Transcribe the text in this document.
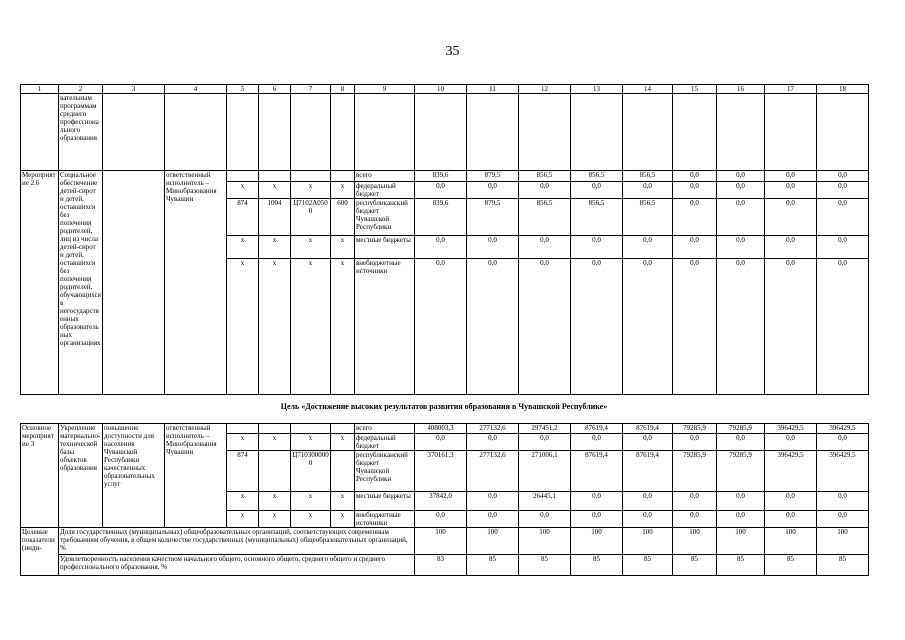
35
1	2	3	4	5	6	7	8	9	10	11	12	13	14	15	16	17	18
	вательным программам среднего профессионального образования																
Мероприятие 2.6	Социальное обеспечение детей-сирот и детей, оставшихся без попечения родителей, лиц из числа детей-сирот и детей, оставшихся без попечения родителей, обучающихся в негосударственных образовательных организациях		ответственный исполнитель – Минобразования Чувашии					всего	839,6	879,5	856,5	856,5	856,5	0,0	0,0	0,0	0,0
				x	x	x	x	федеральный бюджет	0,0	0,0	0,0	0,0	0,0	0,0	0,0	0,0	0,0
				874	1004	Ц7102А0500	600	республиканский бюджет Чувашской Республики	839,6	879,5	856,5	856,5	856,5	0,0	0,0	0,0	0,0
				x	x	x	x	местные бюджеты	0,0	0,0	0,0	0,0	0,0	0,0	0,0	0,0	0,0
				x	x	x	x	внебюджетные источники	0,0	0,0	0,0	0,0	0,0	0,0	0,0	0,0	0,0
Цель «Достижение высоких результатов развития образования в Чувашской Республике»
Основное мероприятие 3	Укрепление материально-технической базы объектов образования	повышение доступности для населения Чувашской Республики качественных образовательных услуг	ответственный исполнитель – Минобразования Чувашии					всего	408003,3	277132,6	297451,2	87619,4	87619,4	79285,9	79285,9	396429,5	396429,5
				x	x	x	x	федеральный бюджет	0,0	0,0	0,0	0,0	0,0	0,0	0,0	0,0	0,0
				874		Ц7103000000		республиканский бюджет Чувашской Республики	370161,3	277132,6	271006,1	87619,4	87619,4	79285,9	79285,9	396429,5	396429,5
				x	x	x	x	местные бюджеты	37842,0	0,0	26445,1	0,0	0,0	0,0	0,0	0,0	0,0
				x	x	x	x	внебюджетные источники	0,0	0,0	0,0	0,0	0,0	0,0	0,0	0,0	0,0
Целевые показатели (инди-	Доля государственных (муниципальных) общеобразовательных организаций, соответствующих современным требованиям обучения, в общем количестве государственных (муниципальных) общеобразовательных организаций, %								100	100	100	100	100	100	100	100	100
	Удовлетворенность населения качеством начального общего, основного общего, среднего общего и среднего профессионального образования, %								83	85	85	85	85	85	85	85	85
